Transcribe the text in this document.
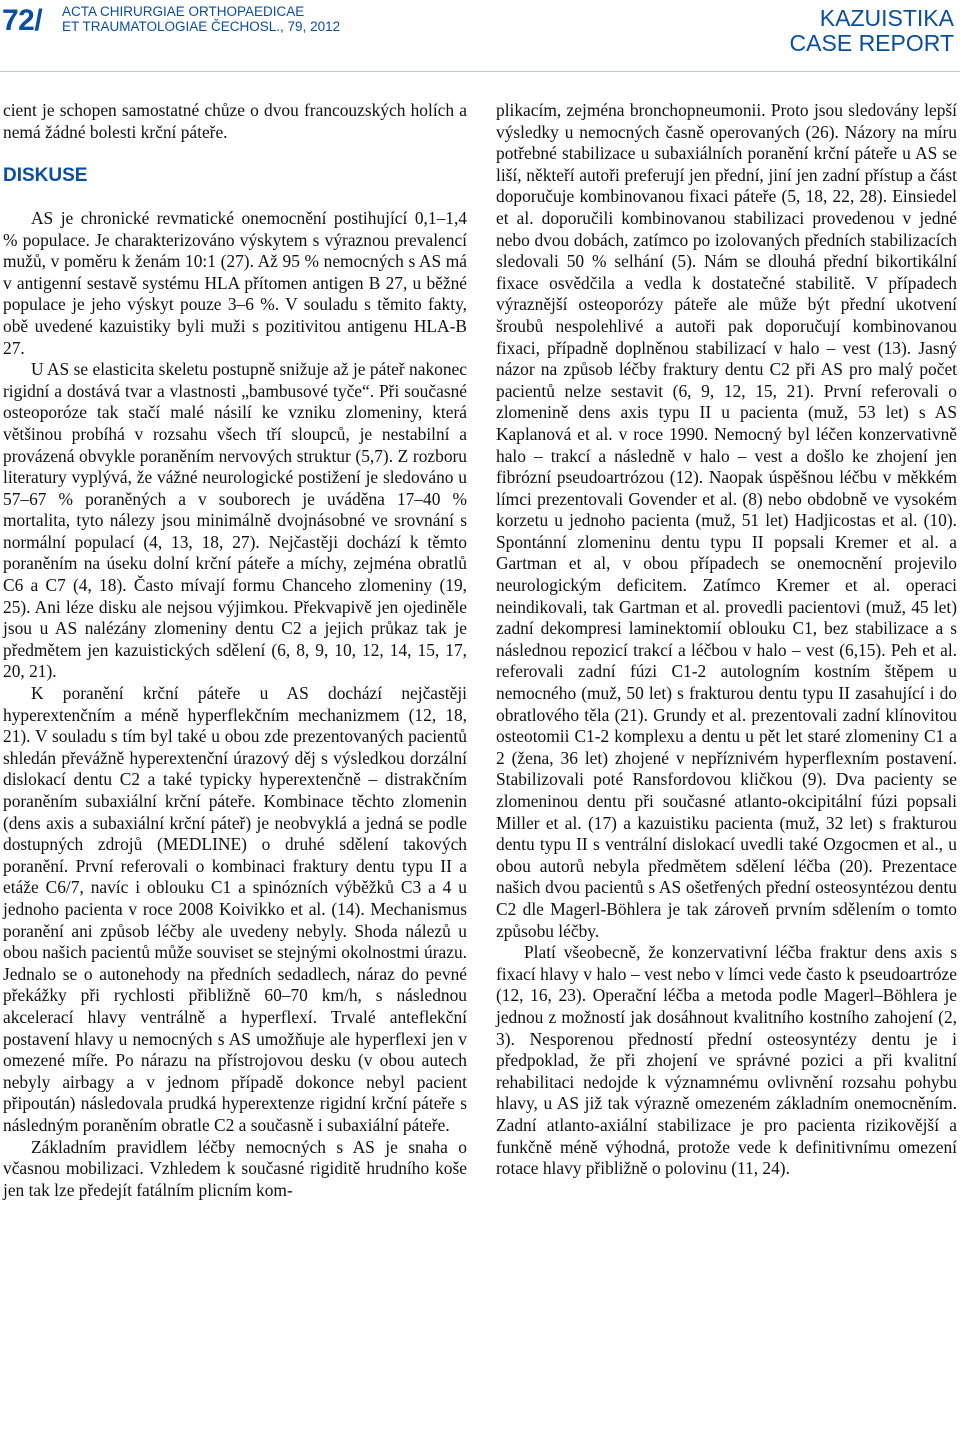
72/ ACTA CHIRURGIAE ORTHOPAEDICAE
ET TRAUMATOLOGIAE ČECHOSL., 79, 2012	KAZUISTIKA
CASE REPORT

cient je schopen samostatné chůze o dvou francouzských holích a nemá žádné bolesti krční páteře.

DISKUSE

AS je chronické revmatické onemocnění postihující 0,1–1,4 % populace. Je charakterizováno výskytem s výraznou prevalencí mužů, v poměru k ženám 10:1 (27). Až 95 % nemocných s AS má v antigenní sestavě systému HLA přítomen antigen B 27, u běžné populace je jeho výskyt pouze 3–6 %. V souladu s těmito fakty, obě uvedené kazuistiky byli muži s pozitivitou antigenu HLA-B 27.

U AS se elasticita skeletu postupně snižuje až je páteř nakonec rigidní a dostává tvar a vlastnosti „bambusové tyče“. Při současné osteoporóze tak stačí malé násilí ke vzniku zlomeniny, která většinou probíhá v rozsahu všech tří sloupců, je nestabilní a provázená obvykle poraněním nervových struktur (5,7). Z rozboru literatury vyplývá, že vážné neurologické postižení je sledováno u 57–67 % poraněných a v souborech je uváděna 17–40 % mortalita, tyto nálezy jsou minimálně dvojnásobné ve srovnání s normální populací (4, 13, 18, 27). Nejčastěji dochází k těmto poraněním na úseku dolní krční páteře a míchy, zejména obratlů C6 a C7 (4, 18). Často mívají formu Chanceho zlomeniny (19, 25). Ani léze disku ale nejsou výjimkou. Překvapivě jen ojediněle jsou u AS nalézány zlomeniny dentu C2 a jejich průkaz tak je předmětem jen kazuistických sdělení (6, 8, 9, 10, 12, 14, 15, 17, 20, 21).

K poranění krční páteře u AS dochází nejčastěji hyperextenčním a méně hyperflekčním mechanizmem (12, 18, 21). V souladu s tím byl také u obou zde prezentovaných pacientů shledán převážně hyperextenční úrazový děj s výsledkou dorzální dislokací dentu C2 a také typicky hyperextenčně – distrakčním poraněním subaxiální krční páteře. Kombinace těchto zlomenin (dens axis a subaxiální krční páteř) je neobvyklá a jedná se podle dostupných zdrojů (MEDLINE) o druhé sdělení takových poranění. První referovali o kombinaci fraktury dentu typu II a etáže C6/7, navíc i oblouku C1 a spinózních výběžků C3 a 4 u jednoho pacienta v roce 2008 Koivikko et al. (14). Mechanismus poranění ani způsob léčby ale uvedeny nebyly. Shoda nálezů u obou našich pacientů může souviset se stejnými okolnostmi úrazu. Jednalo se o autonehody na předních sedadlech, náraz do pevné překážky při rychlosti přibližně 60–70 km/h, s následnou akcelerací hlavy ventrálně a hyperflexí. Trvalé anteflekční postavení hlavy u nemocných s AS umožňuje ale hyperflexi jen v omezené míře. Po nárazu na přístrojovou desku (v obou autech nebyly airbagy a v jednom případě dokonce nebyl pacient připoután) následovala prudká hyperextenze rigidní krční páteře s následným poraněním obratle C2 a současně i subaxiální páteře.

Základním pravidlem léčby nemocných s AS je snaha o včasnou mobilizaci. Vzhledem k současné rigiditě hrudního koše jen tak lze předejít fatálním plicním kom-

plikacím, zejména bronchopneumonii. Proto jsou sledovány lepší výsledky u nemocných časně operovaných (26). Názory na míru potřebné stabilizace u subaxiálních poranění krční páteře u AS se liší, někteří autoři preferují jen přední, jiní jen zadní přístup a část doporučuje kombinovanou fixaci páteře (5, 18, 22, 28). Einsiedel et al. doporučili kombinovanou stabilizaci provedenou v jedné nebo dvou dobách, zatímco po izolovaných předních stabilizacích sledovali 50 % selhání (5). Nám se dlouhá přední bikortikální fixace osvědčila a vedla k dostatečné stabilitě. V případech výraznější osteoporózy páteře ale může být přední ukotvení šroubů nespolehlivé a autoři pak doporučují kombinovanou fixaci, případně doplněnou stabilizací v halo – vest (13). Jasný názor na způsob léčby fraktury dentu C2 při AS pro malý počet pacientů nelze sestavit (6, 9, 12, 15, 21). První referovali o zlomenině dens axis typu II u pacienta (muž, 53 let) s AS Kaplanová et al. v roce 1990. Nemocný byl léčen konzervativně halo – trakcí a následně v halo – vest a došlo ke zhojení jen fibrózní pseudoartrózou (12). Naopak úspěšnou léčbu v měkkém límci prezentovali Govender et al. (8) nebo obdobně ve vysokém korzetu u jednoho pacienta (muž, 51 let) Hadjicostas et al. (10). Spontánní zlomeninu dentu typu II popsali Kremer et al. a Gartman et al, v obou případech se onemocnění projevilo neurologickým deficitem. Zatímco Kremer et al. operaci neindikovali, tak Gartman et al. provedli pacientovi (muž, 45 let) zadní dekompresi laminektomií oblouku C1, bez stabilizace a s následnou repozicí trakcí a léčbou v halo – vest (6,15). Peh et al. referovali zadní fúzi C1-2 autologním kostním štěpem u nemocného (muž, 50 let) s frakturou dentu typu II zasahující i do obratlového těla (21). Grundy et al. prezentovali zadní klínovitou osteotomii C1-2 komplexu a dentu u pět let staré zlomeniny C1 a 2 (žena, 36 let) zhojené v nepříznivém hyperflexním postavení. Stabilizovali poté Ransfordovou kličkou (9). Dva pacienty se zlomeninou dentu při současné atlanto-okcipitální fúzi popsali Miller et al. (17) a kazuistiku pacienta (muž, 32 let) s frakturou dentu typu II s ventrální dislokací uvedli také Ozgocmen et al., u obou autorů nebyla předmětem sdělení léčba (20). Prezentace našich dvou pacientů s AS ošetřených přední osteosyntézou dentu C2 dle Magerl-Böhlera je tak zároveň prvním sdělením o tomto způsobu léčby.

Platí všeobecně, že konzervativní léčba fraktur dens axis s fixací hlavy v halo – vest nebo v límci vede často k pseudoartróze (12, 16, 23). Operační léčba a metoda podle Magerl–Böhlera je jednou z možností jak dosáhnout kvalitního kostního zahojení (2, 3). Nesporenou předností přední osteosyntézy dentu je i předpoklad, že při zhojení ve správné pozici a při kvalitní rehabilitaci nedojde k významnému ovlivnění rozsahu pohybu hlavy, u AS již tak výrazně omezeném základním onemocněním. Zadní atlanto-axiální stabilizace je pro pacienta rizikovější a funkčně méně výhodná, protože vede k definitivnímu omezení rotace hlavy přibližně o polovinu (11, 24).
